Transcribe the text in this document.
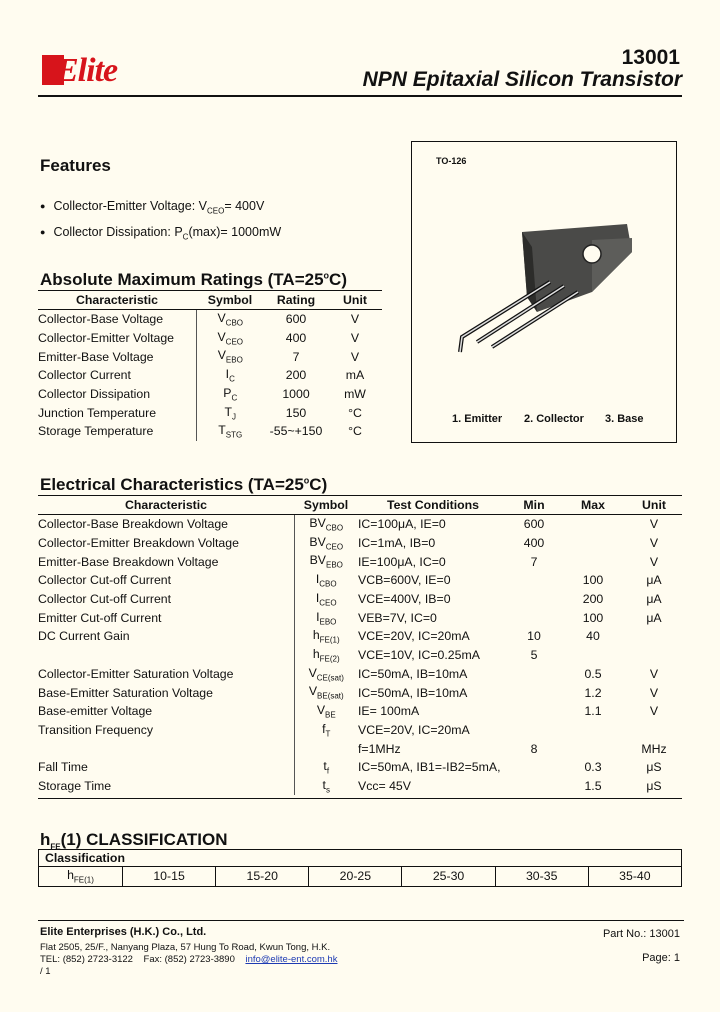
Elite	13001
NPN Epitaxial Silicon Transistor
Features
● Collector-Emitter Voltage: $V_{CEO}= 400V$
● Collector Dissipation: $P_C(\max)= 1000mW$
TO-126
1. Emitter 2. Collector 3. Base
Absolute Maximum Ratings $(TA=25^oC)$
Characteristic	Symbol	Rating	Unit
Collector-Base Voltage	$V_{CBO}$	600	V
Collector-Emitter Voltage	$V_{CEO}$	400	V
Emitter-Base Voltage	$V_{EBO}$	7	V
Collector Current	$I_C$	200	mA
Collector Dissipation	$P_C$	1000	mW
Junction Temperature	$T_J$	150	°C
Storage Temperature	$T_{STG}$	-55~+150	°C
Electrical Characteristics $(TA=25^oC)$
Characteristic	Symbol	Test Conditions	Min	Max	Unit
Collector-Base Breakdown Voltage	$BV_{CBO}$	IC=100μA, IE=0	600		V
Collector-Emitter Breakdown Voltage	$BV_{CEO}$	IC=1mA, IB=0	400		V
Emitter-Base Breakdown Voltage	$BV_{EBO}$	IE=100μA, IC=0	7		V
Collector Cut-off Current	$I_{CBO}$	VCB=600V, IE=0		100	μA
Collector Cut-off Current	$I_{CEO}$	VCE=400V, IB=0		200	μA
Emitter Cut-off Current	$I_{EBO}$	VEB=7V, IC=0		100	μA
DC Current Gain	$h_{FE(1)}$	VCE=20V, IC=20mA	10	40	
	$h_{FE(2)}$	VCE=10V, IC=0.25mA	5		
Collector-Emitter Saturation Voltage	$V_{CE(sat)}$	IC=50mA, IB=10mA		0.5	V
Base-Emitter Saturation Voltage	$V_{BE(sat)}$	IC=50mA, IB=10mA		1.2	V
Base-emitter Voltage	$V_{BE}$	IE= 100mA		1.1	V
Transition Frequency	$f_T$	VCE=20V, IC=20mA			
		f=1MHz	8		MHz
Fall Time	$t_f$	IC=50mA, IB1=-IB2=5mA,		0.3	μS
Storage Time	$t_s$	Vcc= 45V		1.5	μS
$h_{FE}(1)$ CLASSIFICATION
Classification
$h_{FE(1)}$	10-15	15-20	20-25	25-30	30-35	35-40
Elite Enterprises (H.K.) Co., Ltd.	Part No.: 13001
Flat 2505, 25/F., Nanyang Plaza, 57 Hung To Road, Kwun Tong, H.K.
TEL: (852) 2723-3122 Fax: (852) 2723-3890 info@elite-ent.com.hk	Page: 1
/ 1
